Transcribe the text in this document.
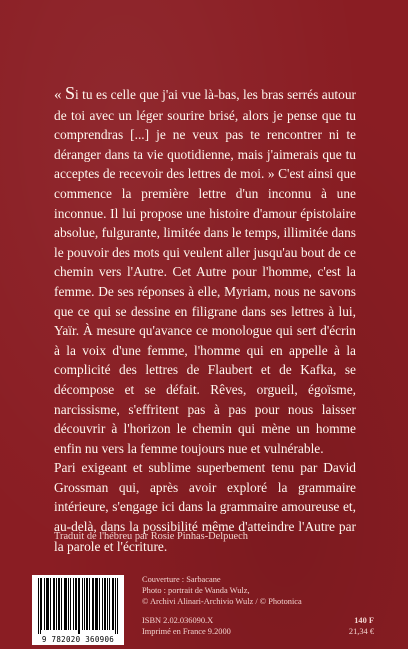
« Si tu es celle que j'ai vue là-bas, les bras serrés autour de toi avec un léger sourire brisé, alors je pense que tu comprendras [...] je ne veux pas te rencontrer ni te déranger dans ta vie quotidienne, mais j'aimerais que tu acceptes de recevoir des lettres de moi. » C'est ainsi que commence la première lettre d'un inconnu à une inconnue. Il lui propose une histoire d'amour épistolaire absolue, fulgurante, limitée dans le temps, illimitée dans le pouvoir des mots qui veulent aller jusqu'au bout de ce chemin vers l'Autre. Cet Autre pour l'homme, c'est la femme. De ses réponses à elle, Myriam, nous ne savons que ce qui se dessine en filigrane dans ses lettres à lui, Yaïr. À mesure qu'avance ce monologue qui sert d'écrin à la voix d'une femme, l'homme qui en appelle à la complicité des lettres de Flaubert et de Kafka, se décompose et se défait. Rêves, orgueil, égoïsme, narcissisme, s'effritent pas à pas pour nous laisser découvrir à l'horizon le chemin qui mène un homme enfin nu vers la femme toujours nue et vulnérable.
Pari exigeant et sublime superbement tenu par David Grossman qui, après avoir exploré la grammaire intérieure, s'engage ici dans la grammaire amoureuse et, au-delà, dans la possibilité même d'atteindre l'Autre par la parole et l'écriture.

Traduit de l'hébreu par Rosie Pinhas-Delpuech

9 782020 360906

Couverture : Sarbacane
Photo : portrait de Wanda Wulz,
© Archivi Alinari-Archivio Wulz / © Photonica

ISBN 2.02.036090.X
Imprimé en France 9.2000

140 F
21,34 €
